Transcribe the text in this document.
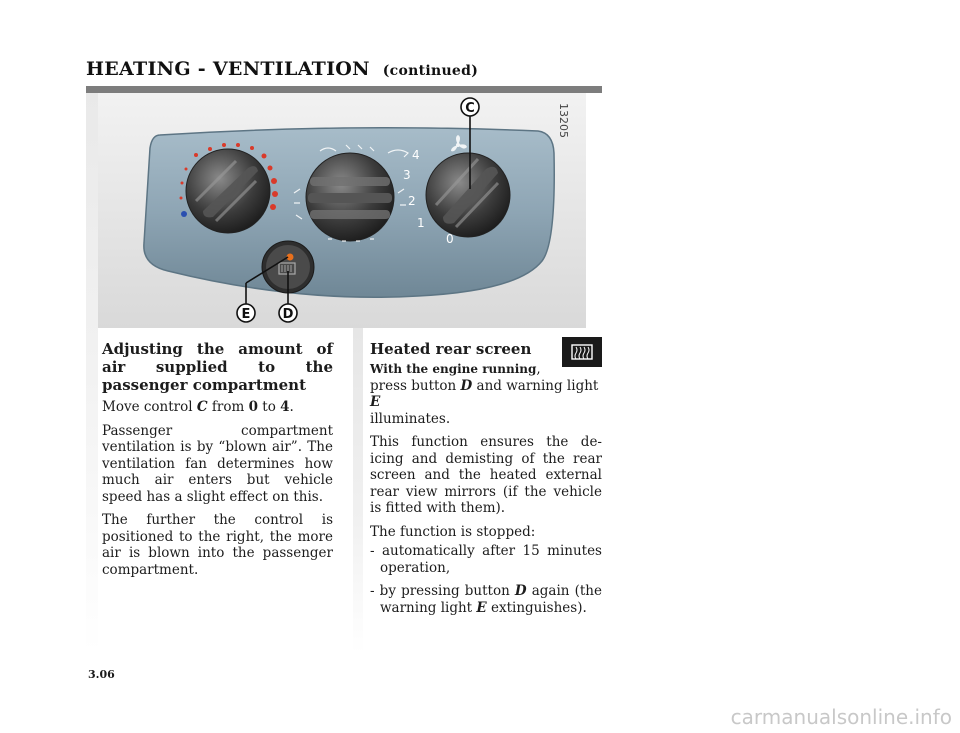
HEATING - VENTILATION (continued)
13205
4
3
2
1
0
C
E D

Adjusting the amount of air supplied to the passenger compartment

Move control C from 0 to 4.

Passenger compartment ventilation is by “blown air”. The ventilation fan determines how much air enters but vehicle speed has a slight effect on this.

The further the control is positioned to the right, the more air is blown into the passenger compartment.

Heated rear screen

With the engine running,
press button D and warning light E
illuminates.

This function ensures the de-icing and demisting of the rear screen and the heated external rear view mirrors (if the vehicle is fitted with them).

The function is stopped:

- automatically after 15 minutes operation,

- by pressing button D again (the warning light E extinguishes).

3.06
carmanualsonline.info
